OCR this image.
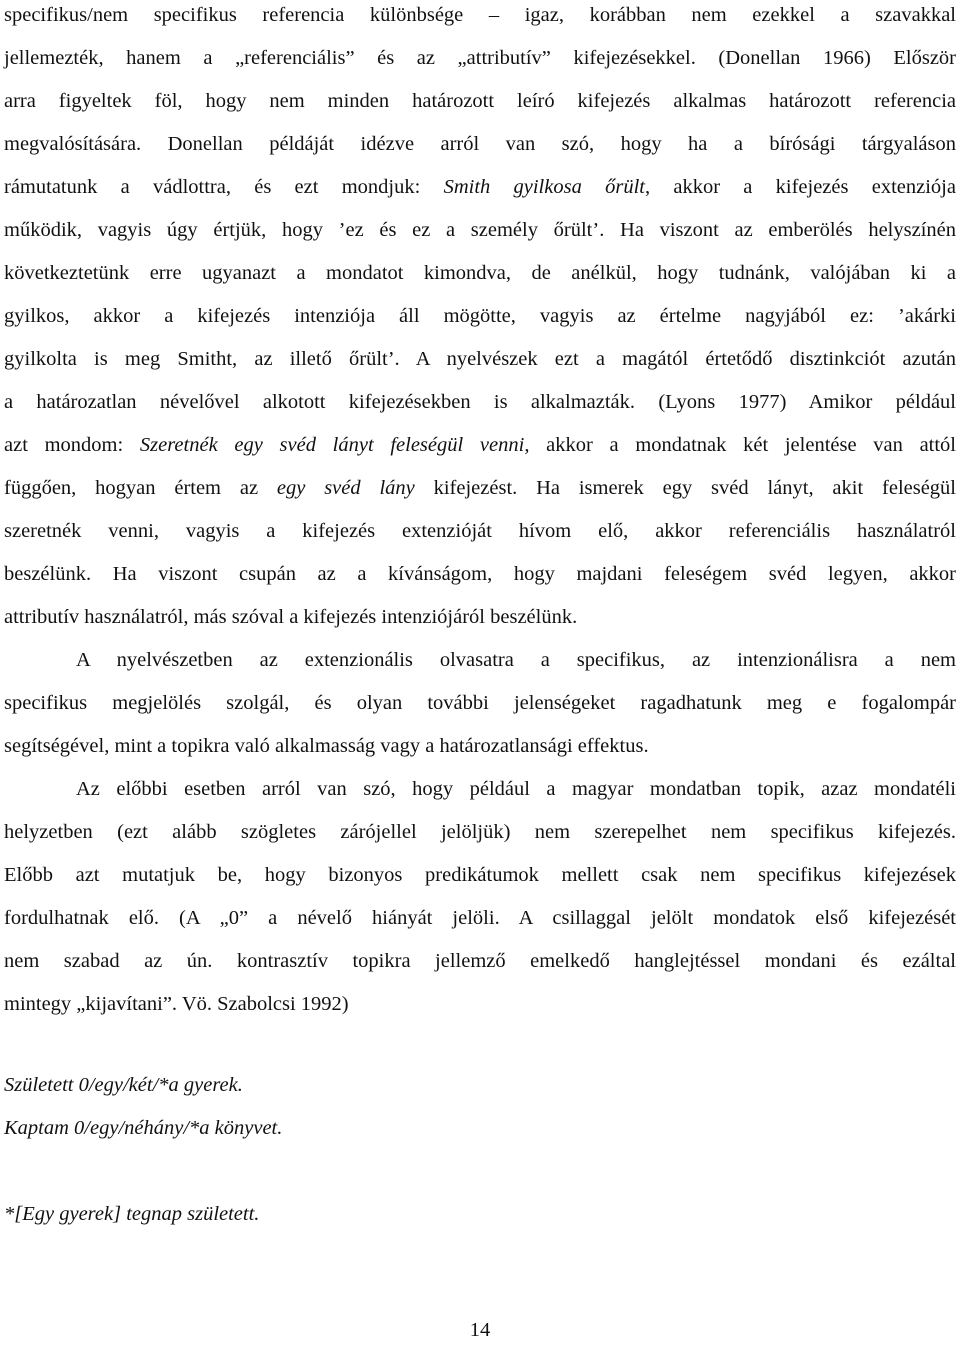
specifikus/nem specifikus referencia különbsége – igaz, korábban nem ezekkel a szavakkal
jellemezték, hanem a „referenciális” és az „attributív” kifejezésekkel. (Donellan 1966) Először
arra figyeltek föl, hogy nem minden határozott leíró kifejezés alkalmas határozott referencia
megvalósítására. Donellan példáját idézve arról van szó, hogy ha a bírósági tárgyaláson
rámutatunk a vádlottra, és ezt mondjuk: Smith gyilkosa őrült, akkor a kifejezés extenziója
működik, vagyis úgy értjük, hogy ’ez és ez a személy őrült’. Ha viszont az emberölés helyszínén
következtetünk erre ugyanazt a mondatot kimondva, de anélkül, hogy tudnánk, valójában ki a
gyilkos, akkor a kifejezés intenziója áll mögötte, vagyis az értelme nagyjából ez: ’akárki
gyilkolta is meg Smitht, az illető őrült’. A nyelvészek ezt a magától értetődő disztinkciót azután
a határozatlan névelővel alkotott kifejezésekben is alkalmazták. (Lyons 1977) Amikor például
azt mondom: Szeretnék egy svéd lányt feleségül venni, akkor a mondatnak két jelentése van attól
függően, hogyan értem az egy svéd lány kifejezést. Ha ismerek egy svéd lányt, akit feleségül
szeretnék venni, vagyis a kifejezés extenzióját hívom elő, akkor referenciális használatról
beszélünk. Ha viszont csupán az a kívánságom, hogy majdani feleségem svéd legyen, akkor
attributív használatról, más szóval a kifejezés intenziójáról beszélünk.
A nyelvészetben az extenzionális olvasatra a specifikus, az intenzionálisra a nem
specifikus megjelölés szolgál, és olyan további jelenségeket ragadhatunk meg e fogalompár
segítségével, mint a topikra való alkalmasság vagy a határozatlansági effektus.
Az előbbi esetben arról van szó, hogy például a magyar mondatban topik, azaz mondatéli
helyzetben (ezt alább szögletes zárójellel jelöljük) nem szerepelhet nem specifikus kifejezés.
Előbb azt mutatjuk be, hogy bizonyos predikátumok mellett csak nem specifikus kifejezések
fordulhatnak elő. (A „0” a névelő hiányát jelöli. A csillaggal jelölt mondatok első kifejezését
nem szabad az ún. kontrasztív topikra jellemző emelkedő hanglejtéssel mondani és ezáltal
mintegy „kijavítani”. Vö. Szabolcsi 1992)
Született 0/egy/két/*a gyerek.
Kaptam 0/egy/néhány/*a könyvet.
*[Egy gyerek] tegnap született.
14
